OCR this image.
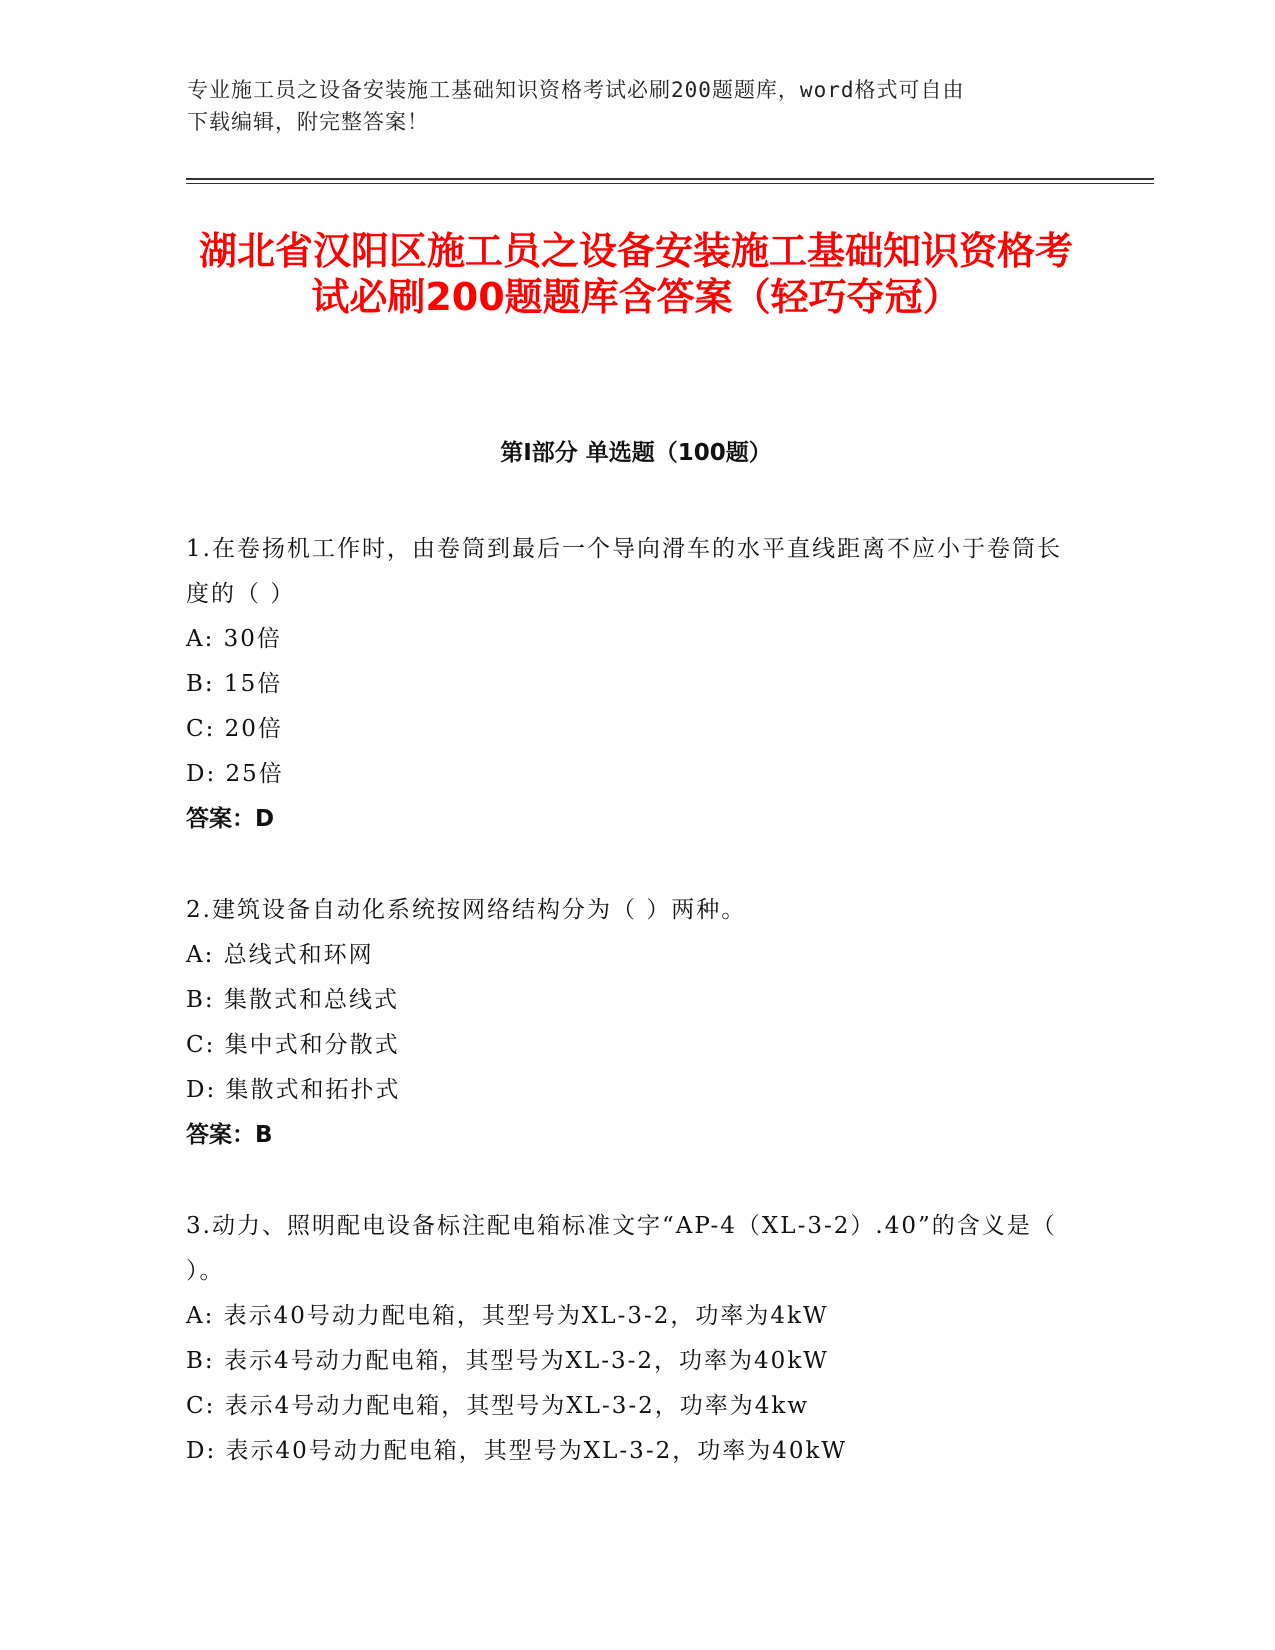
专业施工员之设备安装施工基础知识资格考试必刷200题题库，word格式可自由
下载编辑，附完整答案！
湖北省汉阳区施工员之设备安装施工基础知识资格考试必刷200题题库含答案（轻巧夺冠）
第Ⅰ部分 单选题（100题）
1.在卷扬机工作时，由卷筒到最后一个导向滑车的水平直线距离不应小于卷筒长度的（ ）
A: 30倍
B: 15倍
C: 20倍
D: 25倍
答案：D
2.建筑设备自动化系统按网络结构分为（ ）两种。
A: 总线式和环网
B: 集散式和总线式
C: 集中式和分散式
D: 集散式和拓扑式
答案：B
3.动力、照明配电设备标注配电箱标准文字“AP-4（XL-3-2）.40”的含义是（ ）。
A: 表示40号动力配电箱，其型号为XL-3-2，功率为4kW
B: 表示4号动力配电箱，其型号为XL-3-2，功率为40kW
C: 表示4号动力配电箱，其型号为XL-3-2，功率为4kw
D: 表示40号动力配电箱，其型号为XL-3-2，功率为40kW
